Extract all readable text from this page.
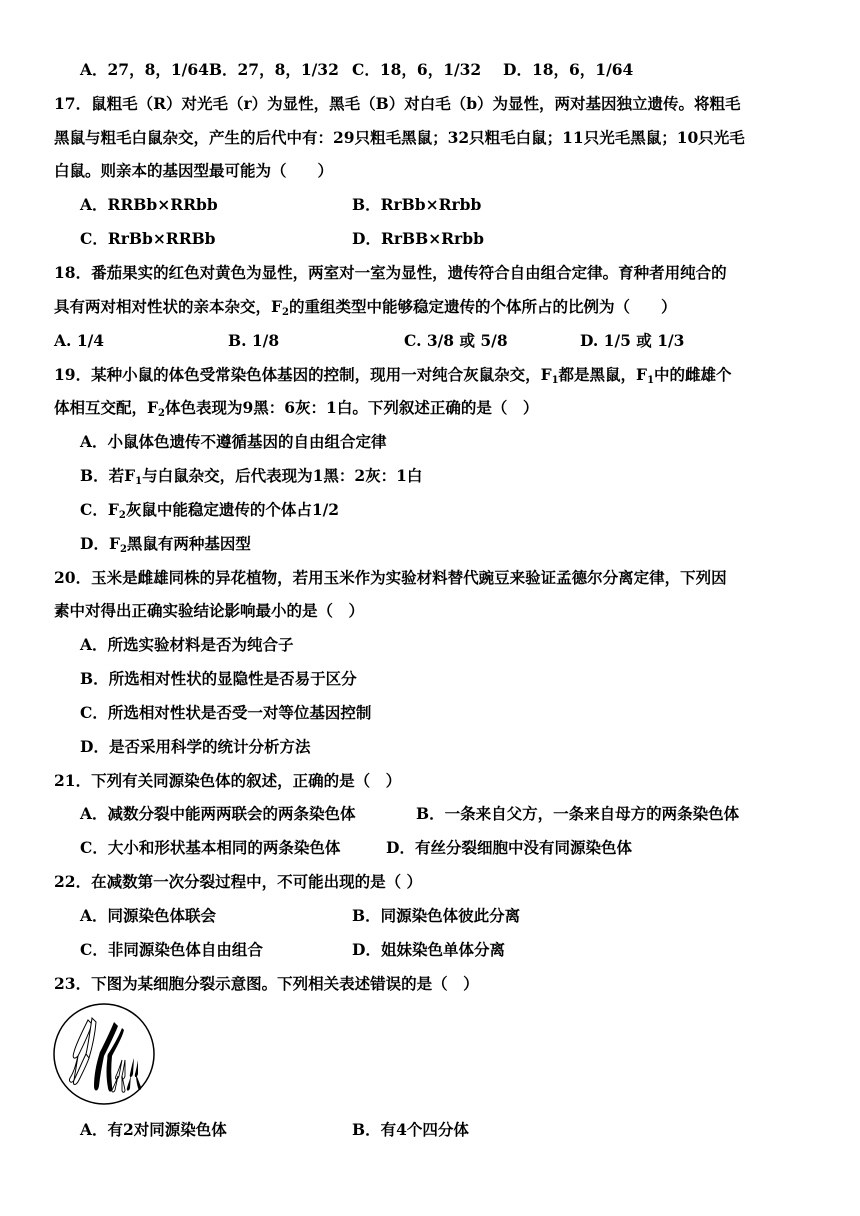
A．27，8，1/64B．27，8，1/32 C．18，6，1/32 D．18，6，1/64
17．鼠粗毛（R）对光毛（r）为显性，黑毛（B）对白毛（b）为显性，两对基因独立遗传。将粗毛
黑鼠与粗毛白鼠杂交，产生的后代中有：29只粗毛黑鼠；32只粗毛白鼠；11只光毛黑鼠；10只光毛
白鼠。则亲本的基因型最可能为（　　）
A．RRBb×RRbb	B．RrBb×Rrbb
C．RrBb×RRBb	D．RrBB×Rrbb
18．番茄果实的红色对黄色为显性，两室对一室为显性，遗传符合自由组合定律。育种者用纯合的
具有两对相对性状的亲本杂交，$F_2$的重组类型中能够稳定遗传的个体所占的比例为（　　）
A. 1/4	B. 1/8	C. 3/8 或 5/8	D. 1/5 或 1/3
19．某种小鼠的体色受常染色体基因的控制，现用一对纯合灰鼠杂交，$F_1$都是黑鼠，$F_1$中的雌雄个
体相互交配，$F_2$体色表现为9黑：6灰：1白。下列叙述正确的是（　）
A．小鼠体色遗传不遵循基因的自由组合定律
B．若$F_1$与白鼠杂交，后代表现为1黑：2灰：1白
C．$F_2$灰鼠中能稳定遗传的个体占1/2
D．$F_2$黑鼠有两种基因型
20．玉米是雌雄同株的异花植物，若用玉米作为实验材料替代豌豆来验证孟德尔分离定律，下列因
素中对得出正确实验结论影响最小的是（　）
A．所选实验材料是否为纯合子
B．所选相对性状的显隐性是否易于区分
C．所选相对性状是否受一对等位基因控制
D．是否采用科学的统计分析方法
21．下列有关同源染色体的叙述，正确的是（　）
A．减数分裂中能两两联会的两条染色体	B．一条来自父方，一条来自母方的两条染色体
C．大小和形状基本相同的两条染色体	D．有丝分裂细胞中没有同源染色体
22．在减数第一次分裂过程中，不可能出现的是（ ）
A．同源染色体联会	B．同源染色体彼此分离
C．非同源染色体自由组合	D．姐妹染色单体分离
23．下图为某细胞分裂示意图。下列相关表述错误的是（　）
A．有2对同源染色体	B．有4个四分体
